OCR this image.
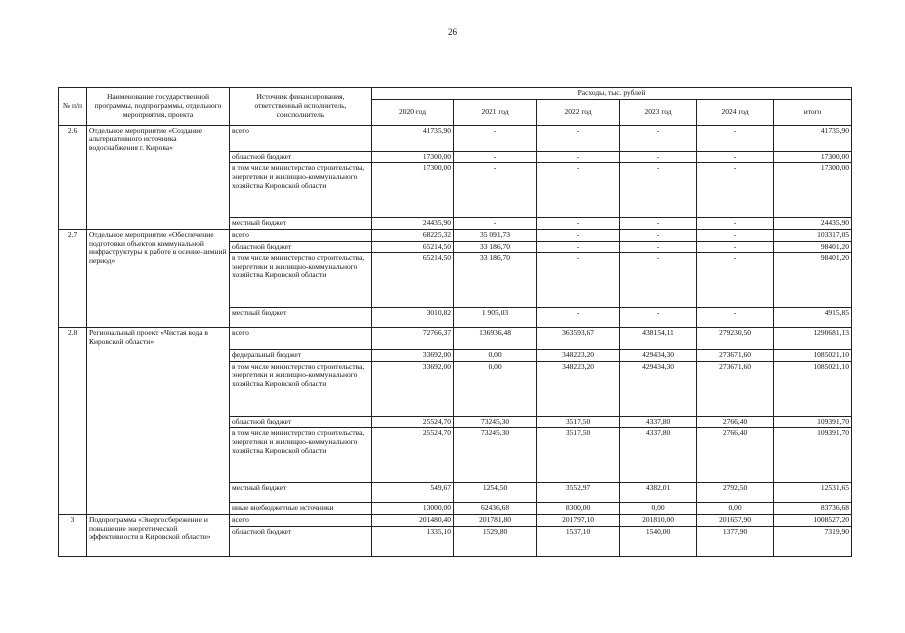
26
№ п/п	Наименование государственной программы, подпрограммы, отдельного мероприятия, проекта	Источник финансирования, ответственный исполнитель, соисполнитель	Расходы, тыс. рублей					
			2020 год	2021 год	2022 год	2023 год	2024 год	итого
2.6	Отдельное мероприятие «Создание альтернативного источника водоснабжения г. Кирова»	всего	41735,90	-	-	-	-	41735,90
		областной бюджет	17300,00	-	-	-	-	17300,00
		в том числе министерство строительства, энергетики и жилищно-коммунального хозяйства Кировской области	17300,00	-	-	-	-	17300,00
		местный бюджет	24435,90	-	-	-	-	24435,90
2.7	Отдельное мероприятие «Обеспечение подготовки объектов коммунальной инфраструктуры к работе в осенне-зимний период»	всего	68225,32	35 091,73	-	-	-	103317,05
		областной бюджет	65214,50	33 186,70	-	-	-	98401,20
		в том числе министерство строительства, энергетики и жилищно-коммунального хозяйства Кировской области	65214,50	33 186,70	-	-	-	98401,20
		местный бюджет	3010,82	1 905,03	-	-	-	4915,85
2.8	Региональный проект «Чистая вода в Кировской области»	всего	72766,37	136936,48	363593,67	438154,11	279230,50	1290681,13
		федеральный бюджет	33692,00	0,00	348223,20	429434,30	273671,60	1085021,10
		в том числе министерство строительства, энергетики и жилищно-коммунального хозяйства Кировской области	33692,00	0,00	348223,20	429434,30	273671,60	1085021,10
		областной бюджет	25524,70	73245,30	3517,50	4337,80	2766,40	109391,70
		в том числе министерство строительства, энергетики и жилищно-коммунального хозяйства Кировской области	25524,70	73245,30	3517,50	4337,80	2766,40	109391,70
		местный бюджет	549,67	1254,50	3552,97	4382,01	2792,50	12531,65
		иные внебюджетные источники	13000,00	62436,68	8300,00	0,00	0,00	83736,68
3	Подпрограмма «Энергосбережение и повышение энергетической эффективности в Кировской области»	всего	201480,40	201781,80	201797,10	201810,00	201657,90	1008527,20
		областной бюджет	1335,10	1529,80	1537,10	1540,00	1377,90	7319,90
